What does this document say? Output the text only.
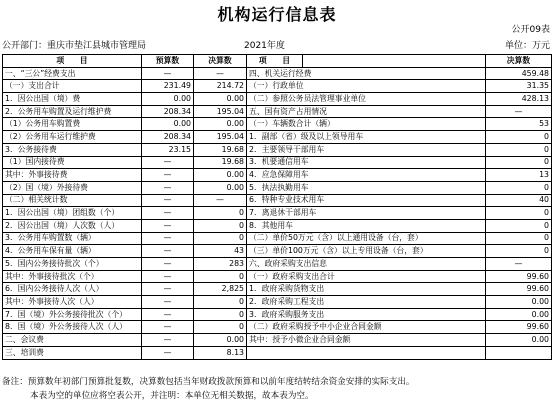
机构运行信息表
公开09表
公开部门：重庆市垫江县城市管理局	2021年度	单位：万元
项　　目	预算数	决算数	项　　目		决算数
一、“三公”经费支出	—	—	四、机关运行经费		459.48
（一）支出合计	231.49	214.72	（一）行政单位		31.35
1．因公出国（境）费	0.00	0.00	（二）参照公务员法管理事业单位		428.13
2．公务用车购置及运行维护费	208.34	195.04	五、国有资产占用情况		—
（1）公务用车购置费	0.00	0.00	（一）车辆数合计（辆）		53
（2）公务用车运行维护费	208.34	195.04	1．副部（省）级及以上领导用车		0
3．公务接待费	23.15	19.68	2．主要领导干部用车		0
（1）国内接待费	—	19.68	3．机要通信用车		0
其中：外事接待费	—	0.00	4．应急保障用车		13
（2）国（境）外接待费	—	0.00	5．执法执勤用车		0
（二）相关统计数	—	—	6．特种专业技术用车		40
1．因公出国（境）团组数（个）	—	0	7．离退休干部用车		0
2．因公出国（境）人次数（人）	—	0	8．其他用车		0
3．公务用车购置数（辆）	—	0	（二）单价50万元（含）以上通用设备（台，套）		0
4．公务用车保有量（辆）	—	43	（三）单价100万元（含）以上专用设备（台，套）		0
5．国内公务接待批次（个）	—	283	六、政府采购支出信息		—
其中：外事接待批次（个）	—	0	（一）政府采购支出合计		99.60
6．国内公务接待人次（人）	—	2,825	1．政府采购货物支出		99.60
其中：外事接待人次（人）	—	0	2．政府采购工程支出		0.00
7．国（境）外公务接待批次（个）	—	0	3．政府采购服务支出		0.00
8．国（境）外公务接待人次（人）	—	0	（二）政府采购授予中小企业合同金额		99.60
二、会议费	—	0.00	其中：授予小微企业合同金额		0.00
三、培训费	—	8.13			
备注：预算数年初部门预算批复数，决算数包括当年财政拨款预算和以前年度结转结余资金安排的实际支出。
本表为空的单位应将空表公开，并注明：本单位无相关数据，故本表为空。
